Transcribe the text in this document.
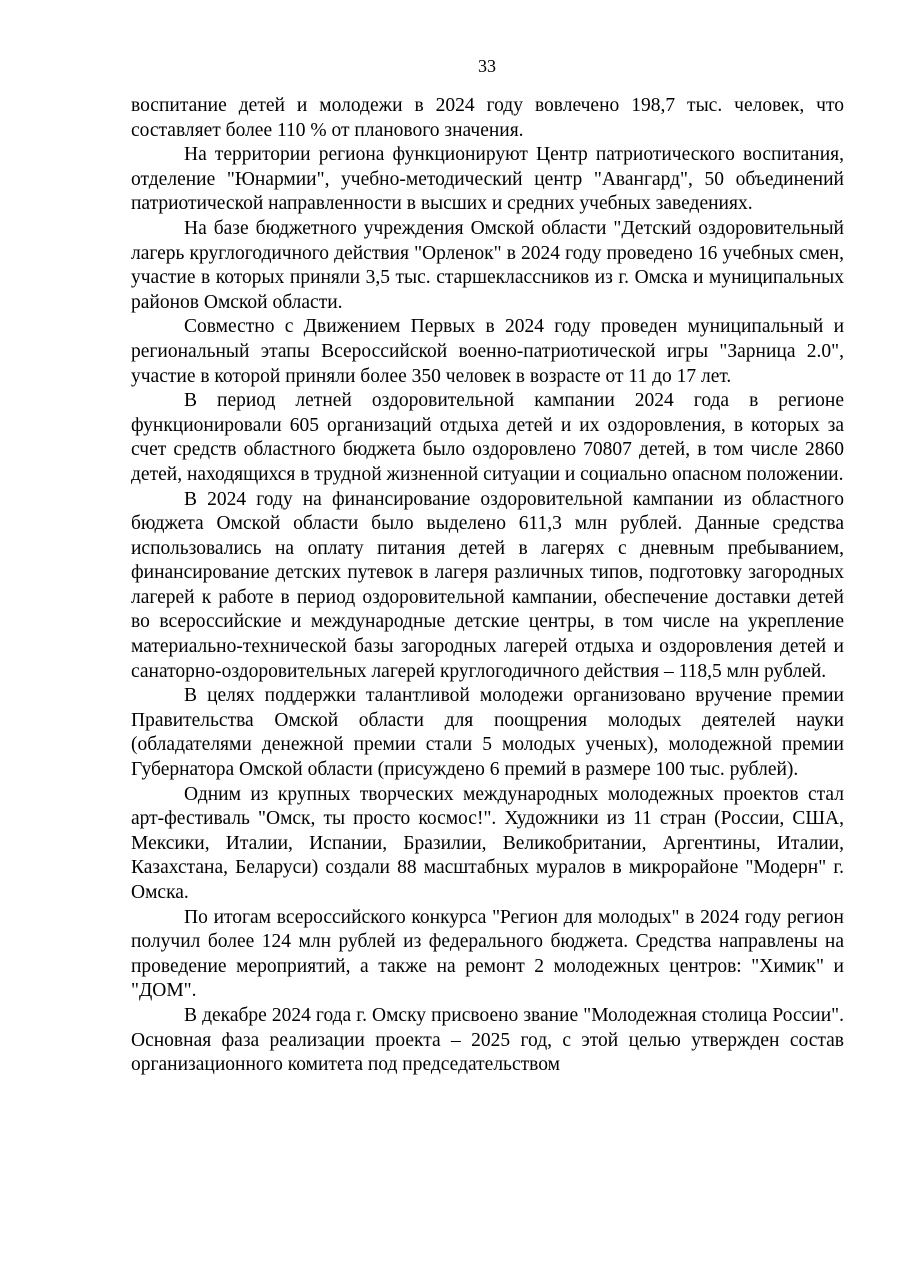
33

воспитание детей и молодежи в 2024 году вовлечено 198,7 тыс. человек, что составляет более 110 % от планового значения.

На территории региона функционируют Центр патриотического воспитания, отделение "Юнармии", учебно-методический центр "Авангард", 50 объединений патриотической направленности в высших и средних учебных заведениях.

На базе бюджетного учреждения Омской области "Детский оздоровительный лагерь круглогодичного действия "Орленок" в 2024 году проведено 16 учебных смен, участие в которых приняли 3,5 тыс. старшеклассников из г. Омска и муниципальных районов Омской области.

Совместно с Движением Первых в 2024 году проведен муниципальный и региональный этапы Всероссийской военно-патриотической игры "Зарница 2.0", участие в которой приняли более 350 человек в возрасте от 11 до 17 лет.

В период летней оздоровительной кампании 2024 года в регионе функционировали 605 организаций отдыха детей и их оздоровления, в которых за счет средств областного бюджета было оздоровлено 70807 детей, в том числе 2860 детей, находящихся в трудной жизненной ситуации и социально опасном положении.

В 2024 году на финансирование оздоровительной кампании из областного бюджета Омской области было выделено 611,3 млн рублей. Данные средства использовались на оплату питания детей в лагерях с дневным пребыванием, финансирование детских путевок в лагеря различных типов, подготовку загородных лагерей к работе в период оздоровительной кампании, обеспечение доставки детей во всероссийские и международные детские центры, в том числе на укрепление материально-технической базы загородных лагерей отдыха и оздоровления детей и санаторно-оздоровительных лагерей круглогодичного действия – 118,5 млн рублей.

В целях поддержки талантливой молодежи организовано вручение премии Правительства Омской области для поощрения молодых деятелей науки (обладателями денежной премии стали 5 молодых ученых), молодежной премии Губернатора Омской области (присуждено 6 премий в размере 100 тыс. рублей).

Одним из крупных творческих международных молодежных проектов стал арт-фестиваль "Омск, ты просто космос!". Художники из 11 стран (России, США, Мексики, Италии, Испании, Бразилии, Великобритании, Аргентины, Италии, Казахстана, Беларуси) создали 88 масштабных муралов в микрорайоне "Модерн" г. Омска.

По итогам всероссийского конкурса "Регион для молодых" в 2024 году регион получил более 124 млн рублей из федерального бюджета. Средства направлены на проведение мероприятий, а также на ремонт 2 молодежных центров: "Химик" и "ДОМ".

В декабре 2024 года г. Омску присвоено звание "Молодежная столица России". Основная фаза реализации проекта – 2025 год, с этой целью утвержден состав организационного комитета под председательством
